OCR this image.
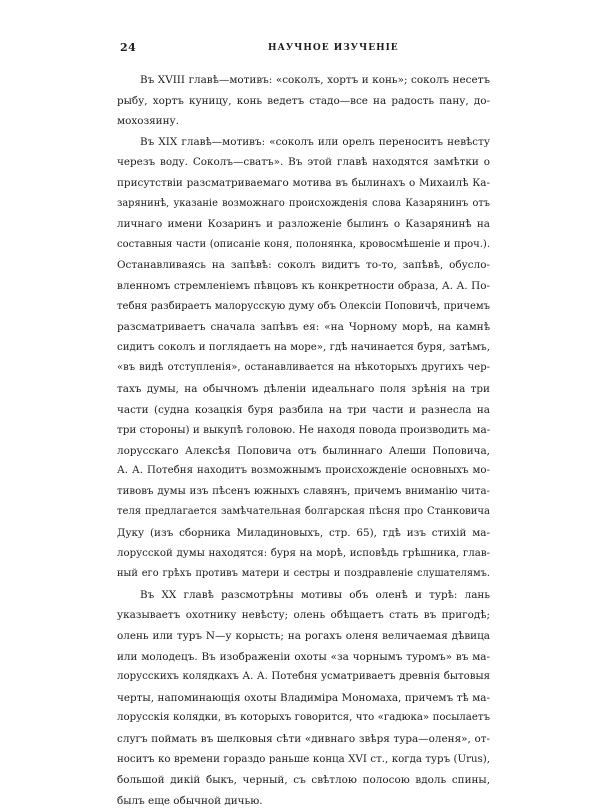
24	НАУЧНОЕ ИЗУЧЕНІЕ
Въ XVIII главѣ—мотивъ: «соколъ, хортъ и конь»; соколъ несетъ
рыбу, хортъ куницу, конь ведетъ стадо—все на радость пану, до-
мохозяину.
Въ XIX главѣ—мотивъ: «соколъ или орелъ переноситъ невѣсту
черезъ воду. Соколъ—сватъ». Въ этой главѣ находятся замѣтки о
присутствіи разсматриваемаго мотива въ былинахъ о Михаилѣ Ка-
зарянинѣ, указаніе возможнаго происхожденія слова Казарянинъ отъ
личнаго имени Козаринъ и разложеніе былинъ о Казарянинѣ на
составныя части (описаніе коня, полонянка, кровосмѣшеніе и проч.).
Останавливаясь на запѣвѣ: соколъ видитъ то-то, запѣвѣ, обусло-
вленномъ стремленіемъ пѣвцовъ къ конкретности образа, А. А. По-
тебня разбираетъ малорусскую думу объ Олексіи Поповичѣ, причемъ
разсматриваетъ сначала запѣвъ ея: «на Чорному морѣ, на камнѣ
сидитъ соколъ и поглядаетъ на море», гдѣ начинается буря, затѣмъ,
«въ видѣ отступленія», останавливается на нѣкоторыхъ другихъ чер-
тахъ думы, на обычномъ дѣленіи идеальнаго поля зрѣнія на три
части (судна козацкія буря разбила на три части и разнесла на
три стороны) и выкупѣ головою. Не находя повода производить ма-
лорусскаго Алексѣя Поповича отъ былиннаго Алеши Поповича,
А. А. Потебня находитъ возможнымъ происхожденіе основныхъ мо-
тивовъ думы изъ пѣсенъ южныхъ славянъ, причемъ вниманію чита-
теля предлагается замѣчательная болгарская пѣсня про Станковича
Дуку (изъ сборника Миладиновыхъ, стр. 65), гдѣ изъ стихій ма-
лорусской думы находятся: буря на морѣ, исповѣдь грѣшника, глав-
ный его грѣхъ противъ матери и сестры и поздравленіе слушателямъ.
Въ XX главѣ разсмотрѣны мотивы объ оленѣ и турѣ: лань
указываетъ охотнику невѣсту; олень обѣщаетъ стать въ пригодѣ;
олень или туръ N—у корысть; на рогахъ оленя величаемая дѣвица
или молодецъ. Въ изображеніи охоты «за чорнымъ туромъ» въ ма-
лорусскихъ колядкахъ А. А. Потебня усматриваетъ древнія бытовыя
черты, напоминающія охоты Владиміра Мономаха, причемъ тѣ ма-
лорусскія колядки, въ которыхъ говорится, что «гадюка» посылаетъ
слугъ поймать въ шелковыя сѣти «дивнаго звѣря тура—оленя», от-
носитъ ко времени гораздо раньше конца XVI ст., когда туръ (Urus),
большой дикій быкъ, черный, съ свѣтлою полосою вдоль спины,
былъ еще обычной дичью.
